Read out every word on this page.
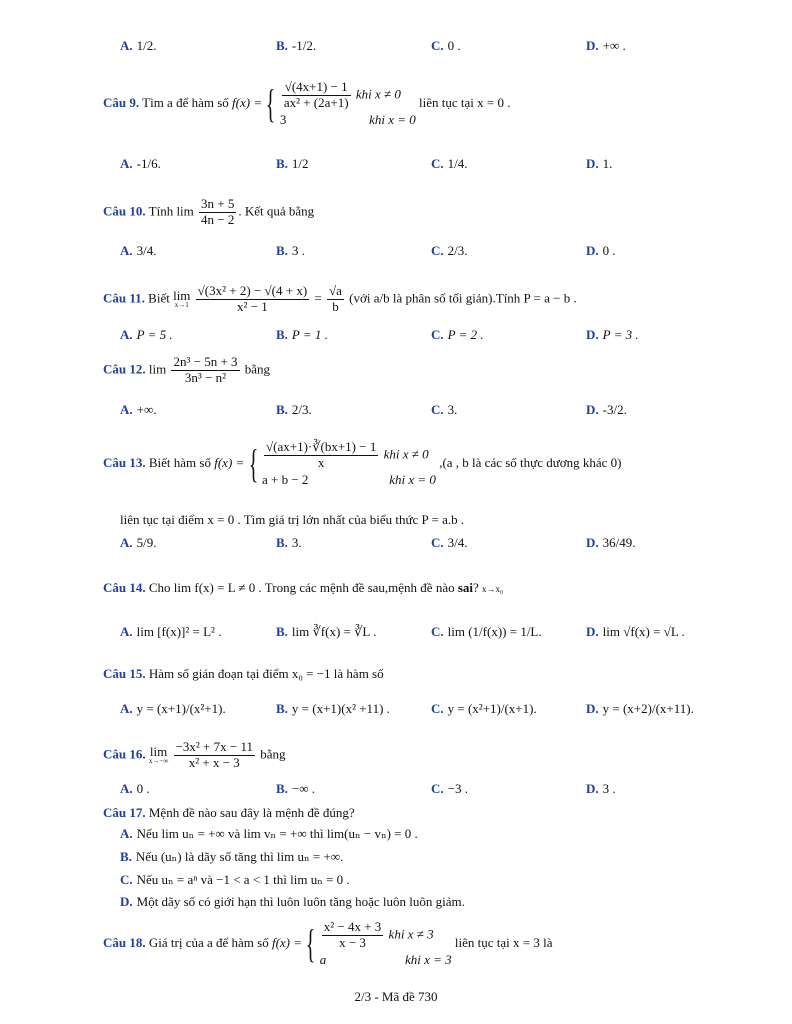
A. 1/2.	B. -1/2.	C. 0 .	D. +∞ .
Câu 9. Tìm a để hàm số f(x) = { $\frac{√(4x+1) - 1}{\text{ax² + (2a+1)}}$ khi x ≠ 0
3	khi x = 0
liên tục tại x = 0 .
A. -1/6.	B. 1/2	C. 1/4.	D. 1.
Câu 10. Tính $\lim \frac{3n + 5}{4n - 2}$ . Kết quả bằng
A. 3/4.	B. 3 .	C. 2/3.	D. 0 .
Câu 11. Biết lim
x→1
$\frac{\text{√(3x² + 2) − √(4 + x)}}{\text{x² − 1}} = \frac{√a}{b}$ (với a/b là phân số tối giản).Tính P = a − b .
A. P = 5 .	B. P = 1 .	C. P = 2 .	D. P = 3 .
Câu 12. $\lim \frac{\text{2n³ − 5n + 3}}{\text{3n³ − n²}}$ bằng
A. +∞.	B. 2/3.	C. 3.	D. -3/2.
Câu 13. Biết hàm số f(x) = { $\frac{√(ax+1)\cdot∛(bx+1) - 1}{x}$ khi x ≠ 0
a + b − 2	khi x = 0
,(a , b là các số thực dương khác 0)
liên tục tại điểm x = 0 . Tìm giá trị lớn nhất của biểu thức P = a.b .
A. 5/9.	B. 3.	C. 3/4.	D. 36/49.
Câu 14. Cho lim f(x) = L ≠ 0 . Trong các mệnh đề sau,mệnh đề nào sai? x→x₀
A. lim [f(x)]² = L² .	B. lim ∛f(x) = ∛L .	C. lim (1/f(x)) = 1/L.	D. lim √f(x) = √L .
Câu 15. Hàm số gián đoạn tại điểm x₀ = −1 là hàm số
A. y = (x+1)/(x²+1).	B. y = (x+1)(x² +11) .	C. y = (x²+1)/(x+1).	D. y = (x+2)/(x+11).
Câu 16. lim
x→−∞
$\frac{\text{−3x² + 7x − 11}}{\text{x² + x − 3}}$ bằng
A. 0 .	B. −∞ .	C. −3 .	D. 3 .
Câu 17. Mệnh đề nào sau đây là mệnh đề đúng?
A. Nếu lim uₙ = +∞ và lim vₙ = +∞ thì lim(uₙ − vₙ) = 0 .
B. Nếu (uₙ) là dãy số tăng thì lim uₙ = +∞.
C. Nếu uₙ = aⁿ và −1 < a < 1 thì lim uₙ = 0 .
D. Một dãy số có giới hạn thì luôn luôn tăng hoặc luôn luôn giảm.
Câu 18. Giá trị của a để hàm số f(x) = { $\frac{\text{x² − 4x + 3}}{x - 3}$ khi x ≠ 3
a	khi x = 3
liên tục tại x = 3 là
2/3 - Mã đề 730
